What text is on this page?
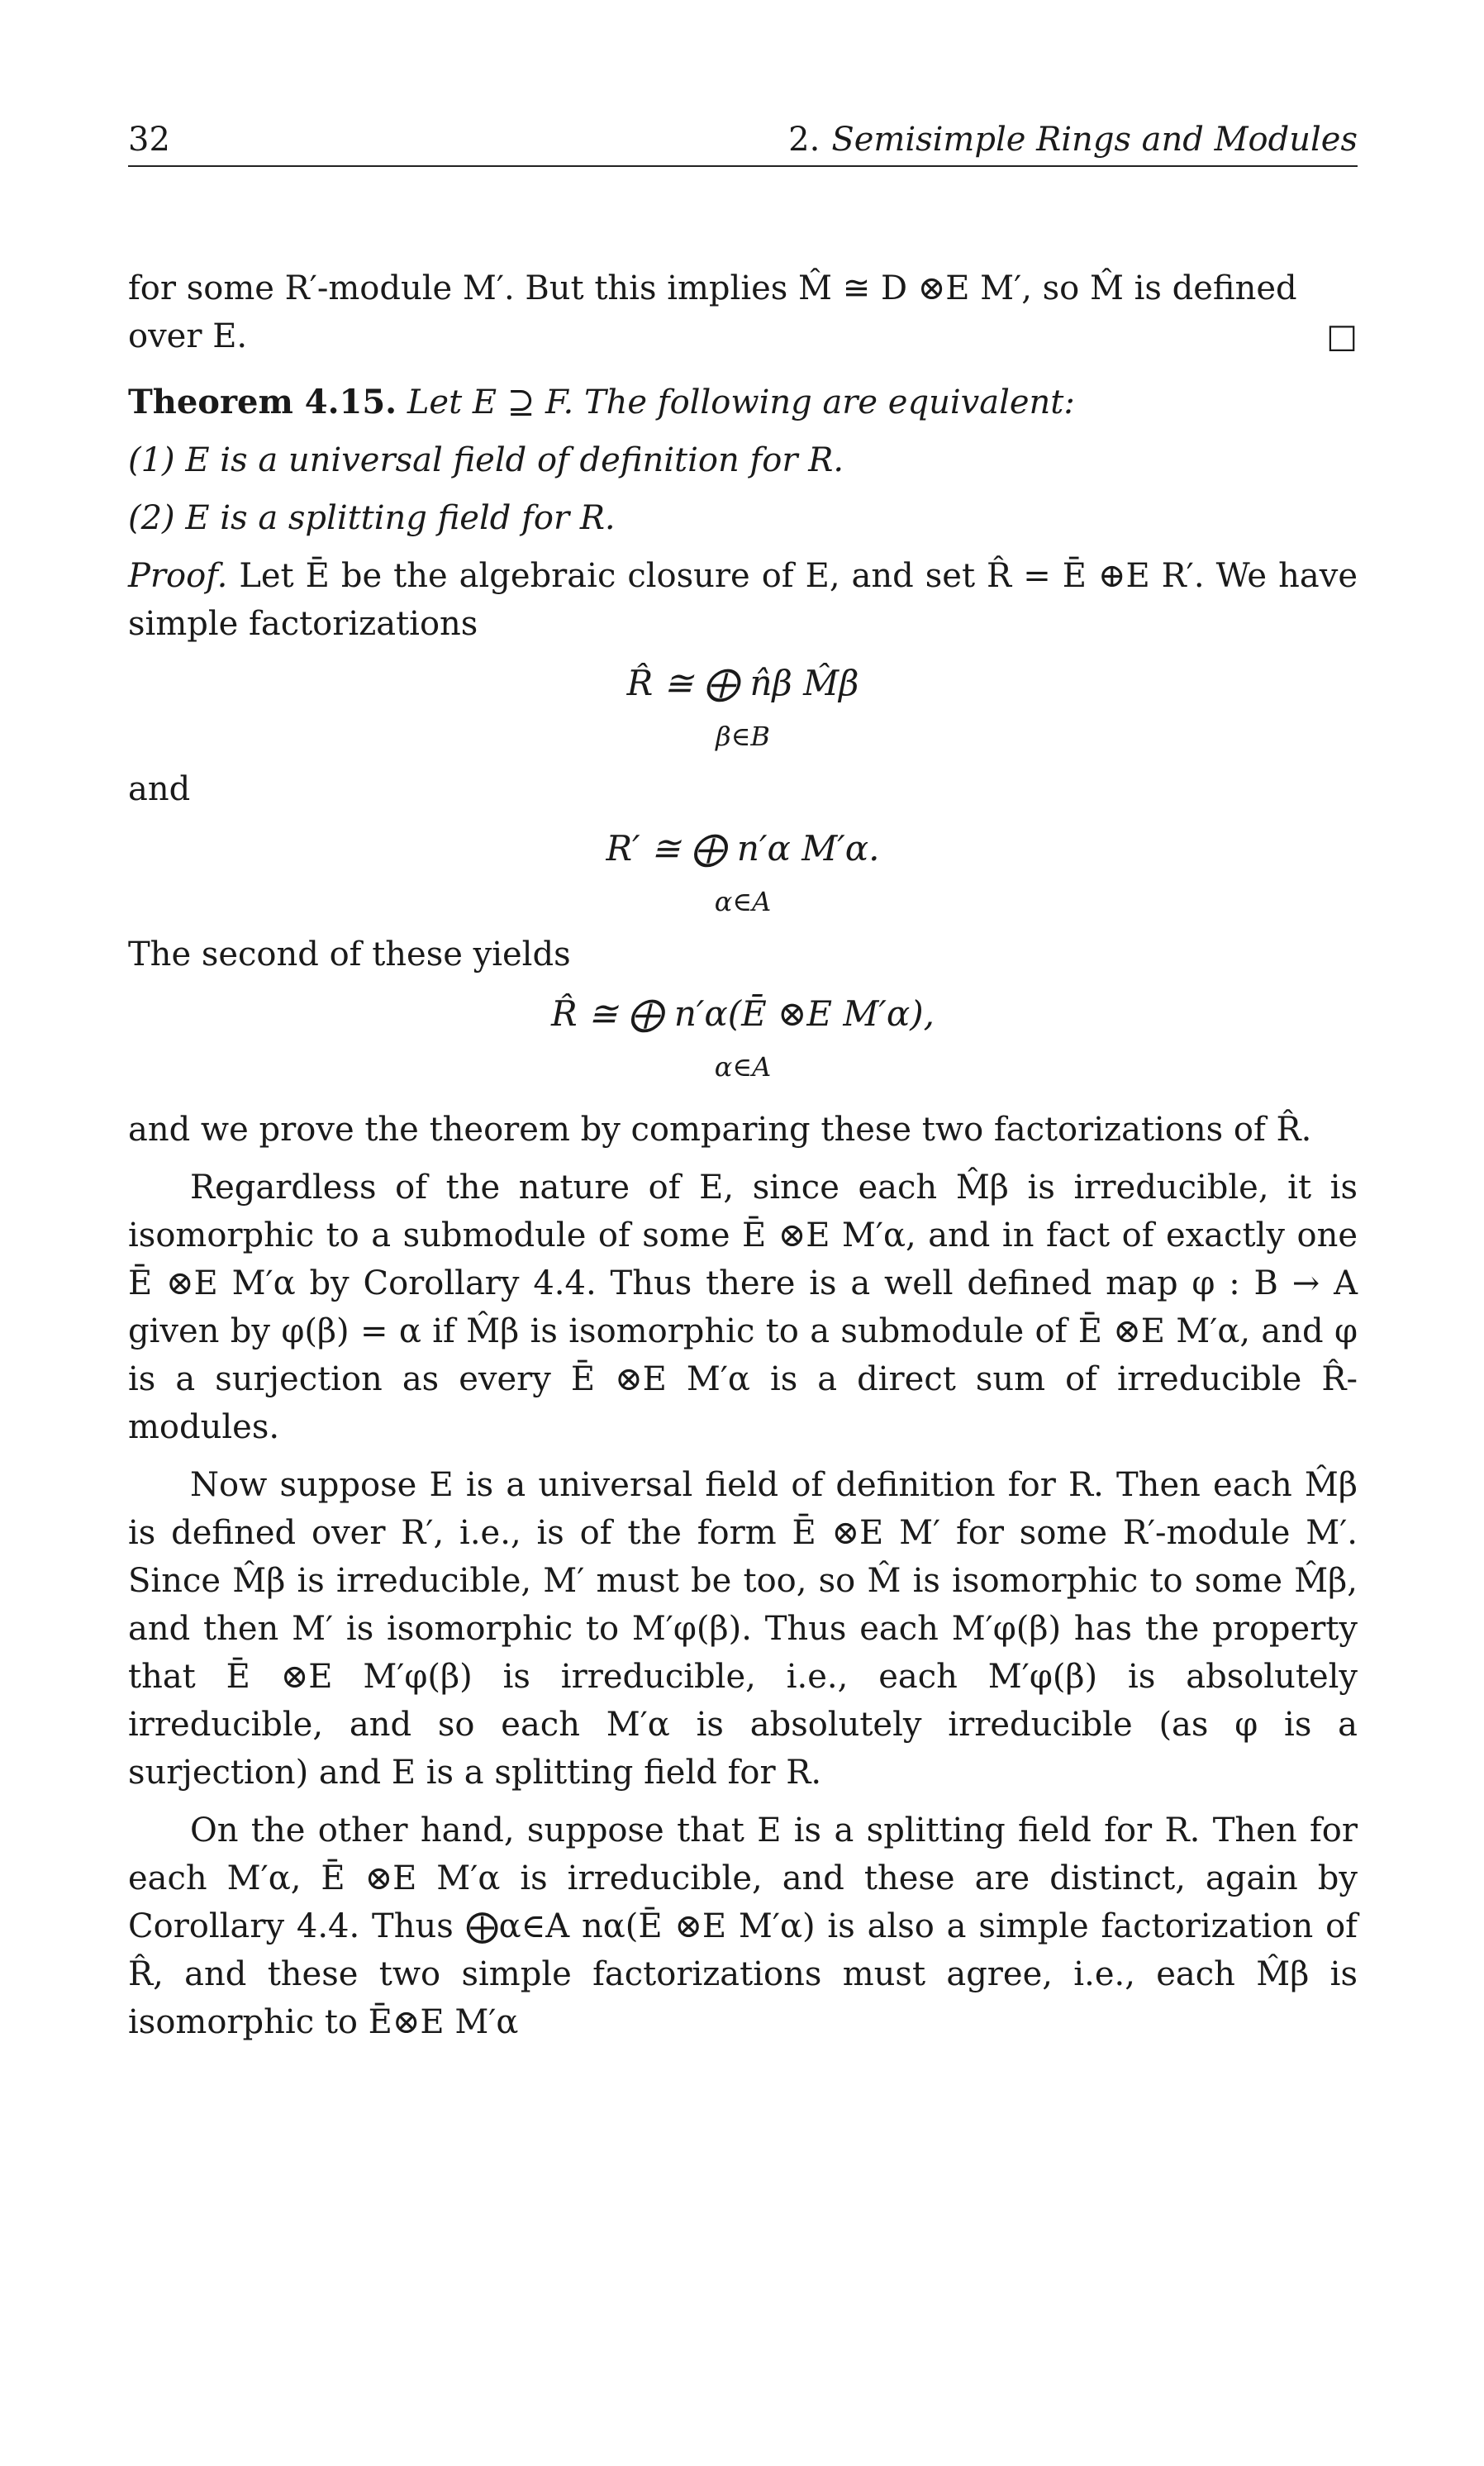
32	2. Semisimple Rings and Modules

for some R′-module M′. But this implies M̂ ≅ D ⊗E M′, so M̂ is defined
over E.	□

Theorem 4.15. Let E ⊇ F. The following are equivalent:

(1) E is a universal field of definition for R.

(2) E is a splitting field for R.

Proof. Let Ē be the algebraic closure of E, and set R̂ = Ē ⊕E R′. We have simple factorizations

R̂ ≅ ⨁ n̂β M̂β
β∈B

and

R′ ≅ ⨁ n′α M′α.
α∈A

The second of these yields

R̂ ≅ ⨁ n′α(Ē ⊗E M′α),
α∈A

and we prove the theorem by comparing these two factorizations of R̂.

Regardless of the nature of E, since each M̂β is irreducible, it is isomorphic to a submodule of some Ē ⊗E M′α, and in fact of exactly one Ē ⊗E M′α by Corollary 4.4. Thus there is a well defined map φ : B → A given by φ(β) = α if M̂β is isomorphic to a submodule of Ē ⊗E M′α, and φ is a surjection as every Ē ⊗E M′α is a direct sum of irreducible R̂-modules.

Now suppose E is a universal field of definition for R. Then each M̂β is defined over R′, i.e., is of the form Ē ⊗E M′ for some R′-module M′. Since M̂β is irreducible, M′ must be too, so M̂ is isomorphic to some M̂β, and then M′ is isomorphic to M′φ(β). Thus each M′φ(β) has the property that Ē ⊗E M′φ(β) is irreducible, i.e., each M′φ(β) is absolutely irreducible, and so each M′α is absolutely irreducible (as φ is a surjection) and E is a splitting field for R.

On the other hand, suppose that E is a splitting field for R. Then for each M′α, Ē ⊗E M′α is irreducible, and these are distinct, again by Corollary 4.4. Thus ⨁α∈A nα(Ē ⊗E M′α) is also a simple factorization of R̂, and these two simple factorizations must agree, i.e., each M̂β is isomorphic to Ē⊗E M′α
